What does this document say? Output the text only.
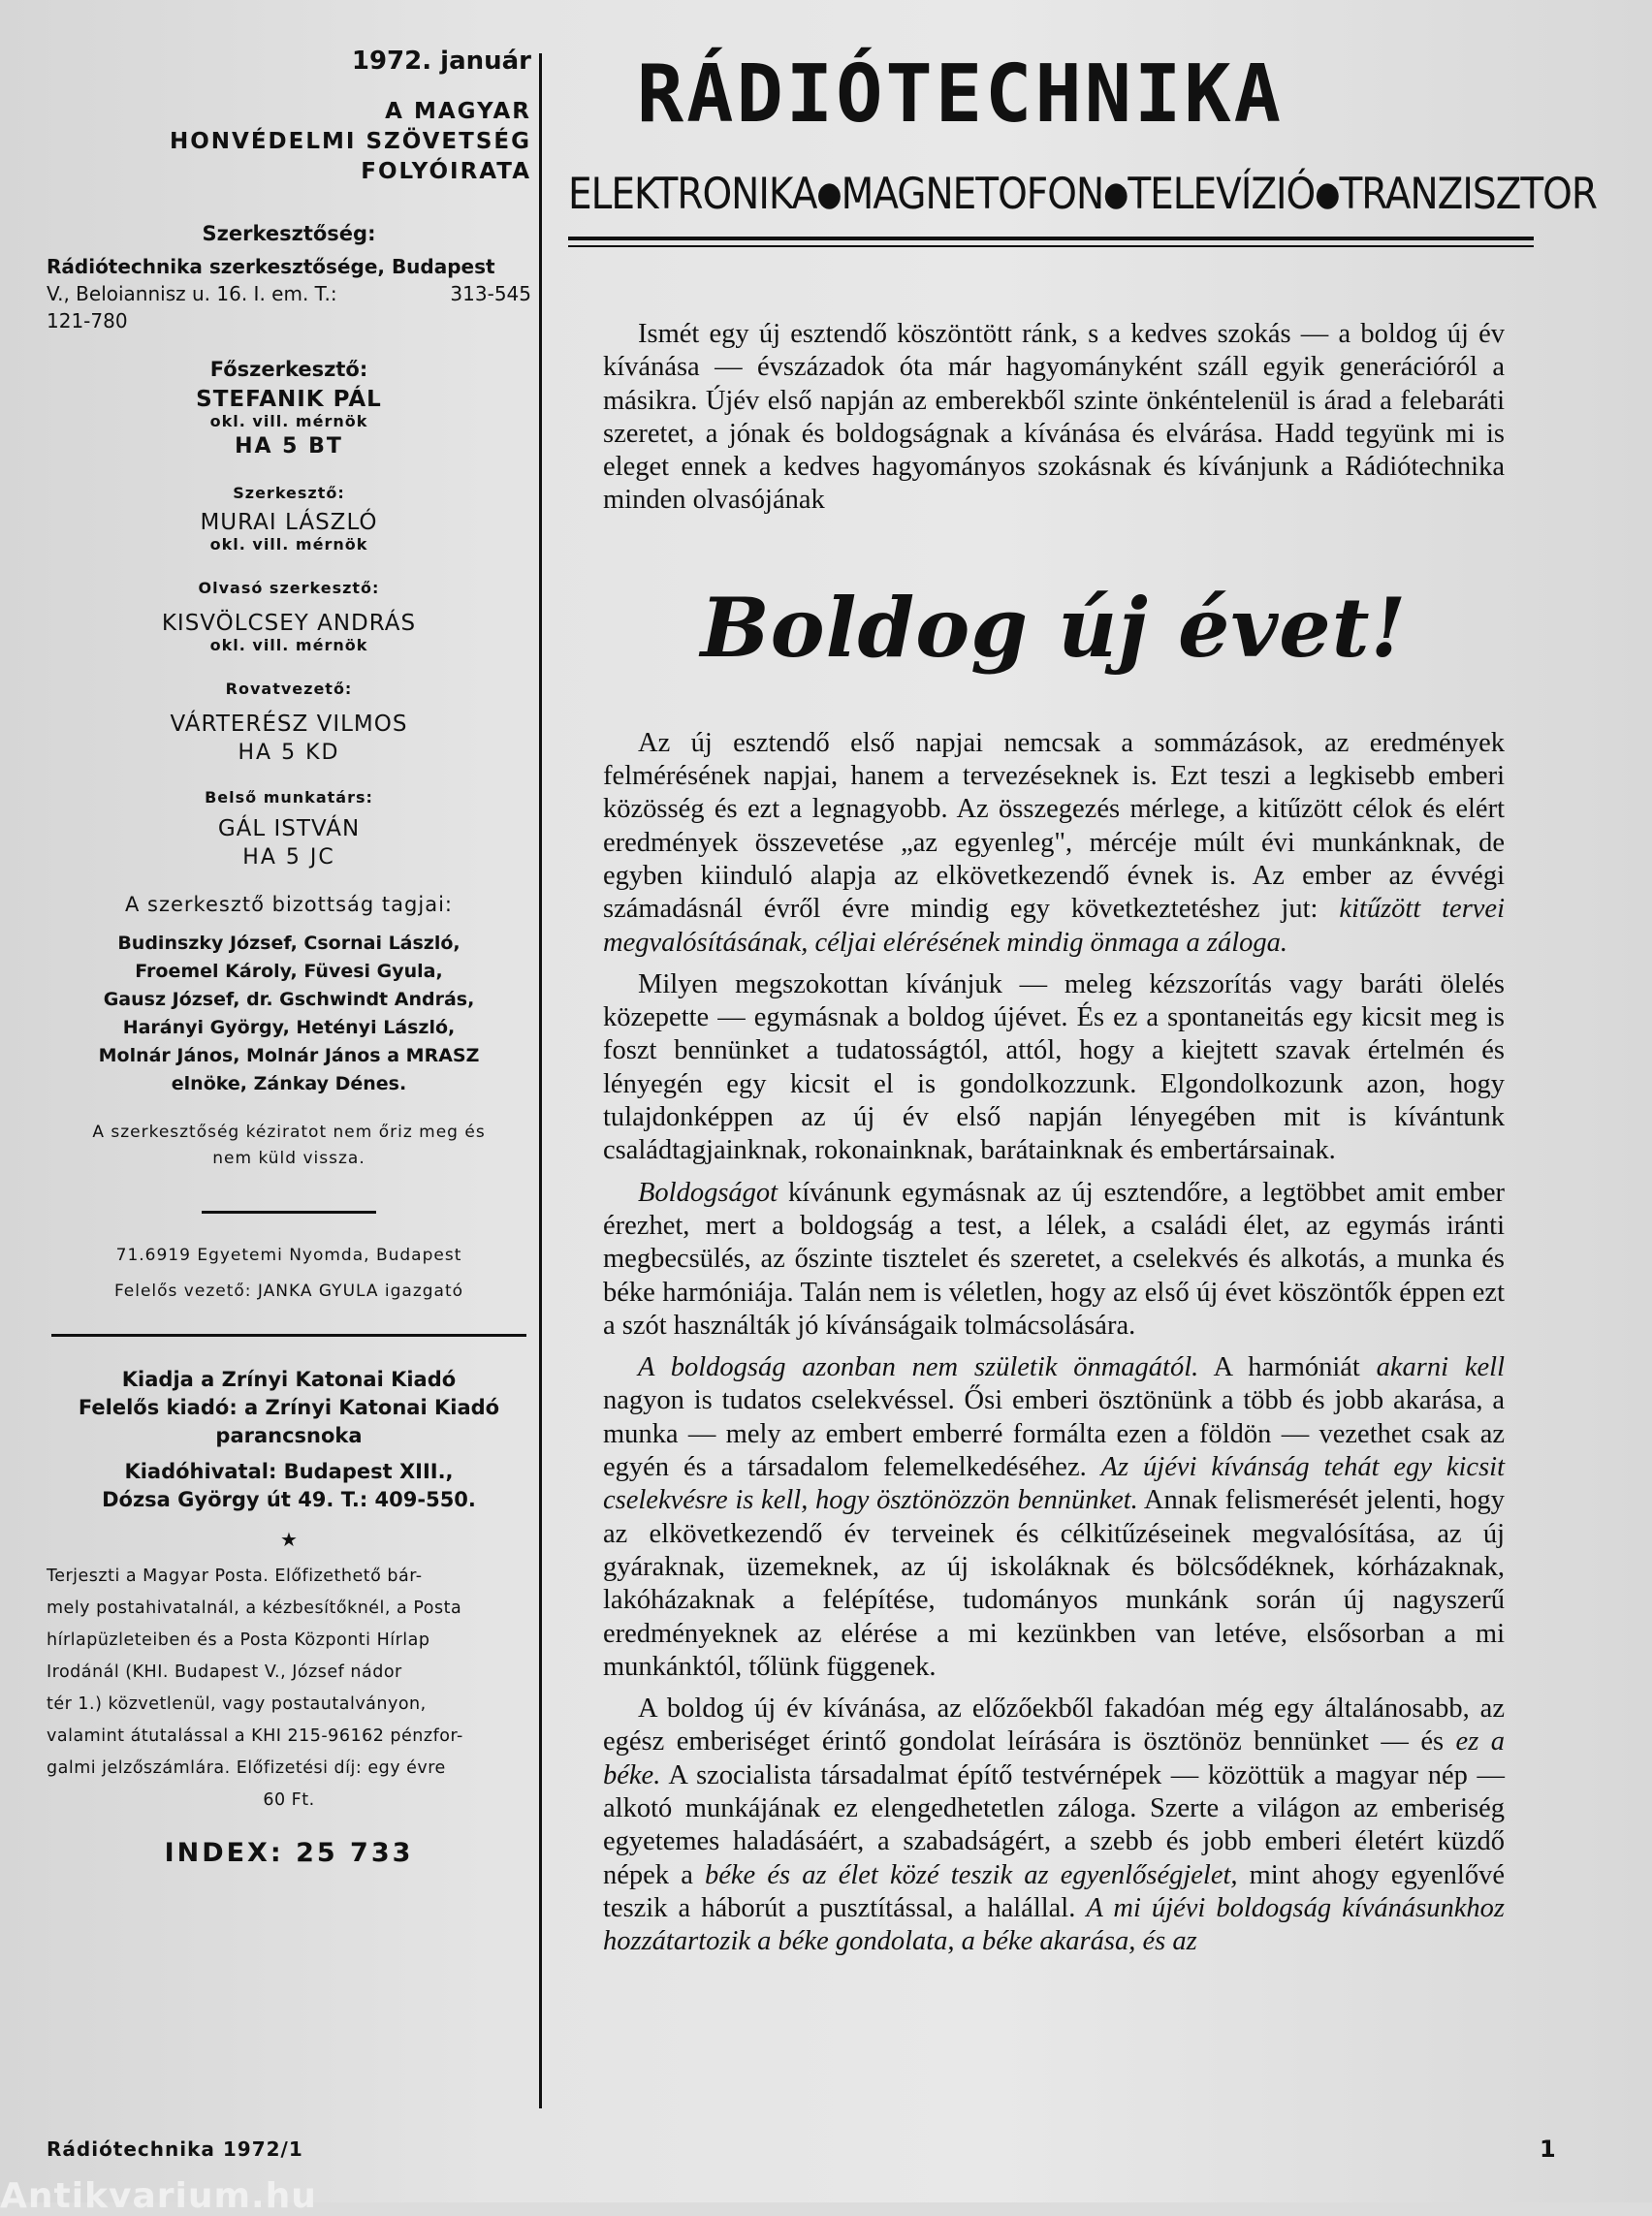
1972. január
A MAGYAR
HONVÉDELMI SZÖVETSÉG
FOLYÓIRATA
Szerkesztőség:
Rádiótechnika szerkesztősége, Budapest
V., Beloiannisz u. 16. I. em. T.:	313-545
121-780
Főszerkesztő:
STEFANIK PÁL
okl. vill. mérnök
HA 5 BT
Szerkesztő:
MURAI LÁSZLÓ
okl. vill. mérnök
Olvasó szerkesztő:
KISVÖLCSEY ANDRÁS
okl. vill. mérnök
Rovatvezető:
VÁRTERÉSZ VILMOS
HA 5 KD
Belső munkatárs:
GÁL ISTVÁN
HA 5 JC
A szerkesztő bizottság tagjai:
Budinszky József, Csornai László,
Froemel Károly, Füvesi Gyula,
Gausz József, dr. Gschwindt András,
Harányi György, Hetényi László,
Molnár János, Molnár János a MRASZ
elnöke, Zánkay Dénes.
A szerkesztőség kéziratot nem őriz meg és
nem küld vissza.
71.6919 Egyetemi Nyomda, Budapest
Felelős vezető: JANKA GYULA igazgató
Kiadja a Zrínyi Katonai Kiadó
Felelős kiadó: a Zrínyi Katonai Kiadó
parancsnoka
Kiadóhivatal: Budapest XIII.,
Dózsa György út 49. T.: 409-550.
★
Terjeszti a Magyar Posta. Előfizethető bár-
mely postahivatalnál, a kézbesítőknél, a Posta
hírlapüzleteiben és a Posta Központi Hírlap
Irodánál (KHI. Budapest V., József nádor
tér 1.) közvetlenül, vagy postautalványon,
valamint átutalással a KHI 215-96162 pénzfor-
galmi jelzőszámlára. Előfizetési díj: egy évre
60 Ft.
INDEX: 25 733
RÁDIÓTECHNIKA
ELEKTRONIKA ● MAGNETOFON ● TELEVÍZIÓ ● TRANZISZTOR

Ismét egy új esztendő köszöntött ránk, s a kedves szokás — a boldog új év kívánása — évszázadok óta már hagyományként száll egyik generációról a másikra. Újév első napján az emberekből szinte önkéntelenül is árad a felebaráti szeretet, a jónak és boldogságnak a kívánása és elvárása. Hadd tegyünk mi is eleget ennek a kedves hagyományos szokásnak és kívánjunk a Rádiótechnika minden olvasójának

Boldog új évet!

Az új esztendő első napjai nemcsak a sommázások, az eredmények felmérésének napjai, hanem a tervezéseknek is. Ezt teszi a legkisebb emberi közösség és ezt a legnagyobb. Az összegezés mérlege, a kitűzött célok és elért eredmények összevetése „az egyenleg", mércéje múlt évi munkánknak, de egyben kiinduló alapja az elkövetkezendő évnek is. Az ember az évvégi számadásnál évről évre mindig egy következtetéshez jut: kitűzött tervei megvalósításának, céljai elérésének mindig önmaga a záloga.

Milyen megszokottan kívánjuk — meleg kézszorítás vagy baráti ölelés közepette — egymásnak a boldog újévet. És ez a spontaneitás egy kicsit meg is foszt bennünket a tudatosságtól, attól, hogy a kiejtett szavak értelmén és lényegén egy kicsit el is gondolkozzunk. Elgondolkozunk azon, hogy tulajdonképpen az új év első napján lényegében mit is kívántunk családtagjainknak, rokonainknak, barátainknak és embertársainak.

Boldogságot kívánunk egymásnak az új esztendőre, a legtöbbet amit ember érezhet, mert a boldogság a test, a lélek, a családi élet, az egymás iránti megbecsülés, az őszinte tisztelet és szeretet, a cselekvés és alkotás, a munka és béke harmóniája. Talán nem is véletlen, hogy az első új évet köszöntők éppen ezt a szót használták jó kívánságaik tolmácsolására.

A boldogság azonban nem születik önmagától. A harmóniát akarni kell nagyon is tudatos cselekvéssel. Ősi emberi ösztönünk a több és jobb akarása, a munka — mely az embert emberré formálta ezen a földön — vezethet csak az egyén és a társadalom felemelkedéséhez. Az újévi kívánság tehát egy kicsit cselekvésre is kell, hogy ösztönözzön bennünket. Annak felismerését jelenti, hogy az elkövetkezendő év terveinek és célkitűzéseinek megvalósítása, az új gyáraknak, üzemeknek, az új iskoláknak és bölcsődéknek, kórházaknak, lakóházaknak a felépítése, tudományos munkánk során új nagyszerű eredményeknek az elérése a mi kezünkben van letéve, elsősorban a mi munkánktól, tőlünk függenek.

A boldog új év kívánása, az előzőekből fakadóan még egy általánosabb, az egész emberiséget érintő gondolat leírására is ösztönöz bennünket — és ez a béke. A szocialista társadalmat építő testvérnépek — közöttük a magyar nép — alkotó munkájának ez elengedhetetlen záloga. Szerte a világon az emberiség egyetemes haladásáért, a szabadságért, a szebb és jobb emberi életért küzdő népek a béke és az élet közé teszik az egyenlőségjelet, mint ahogy egyenlővé teszik a háborút a pusztítással, a halállal. A mi újévi boldogság kívánásunkhoz hozzátartozik a béke gondolata, a béke akarása, és az

Rádiótechnika 1972/1	1
Antikvarium.hu
